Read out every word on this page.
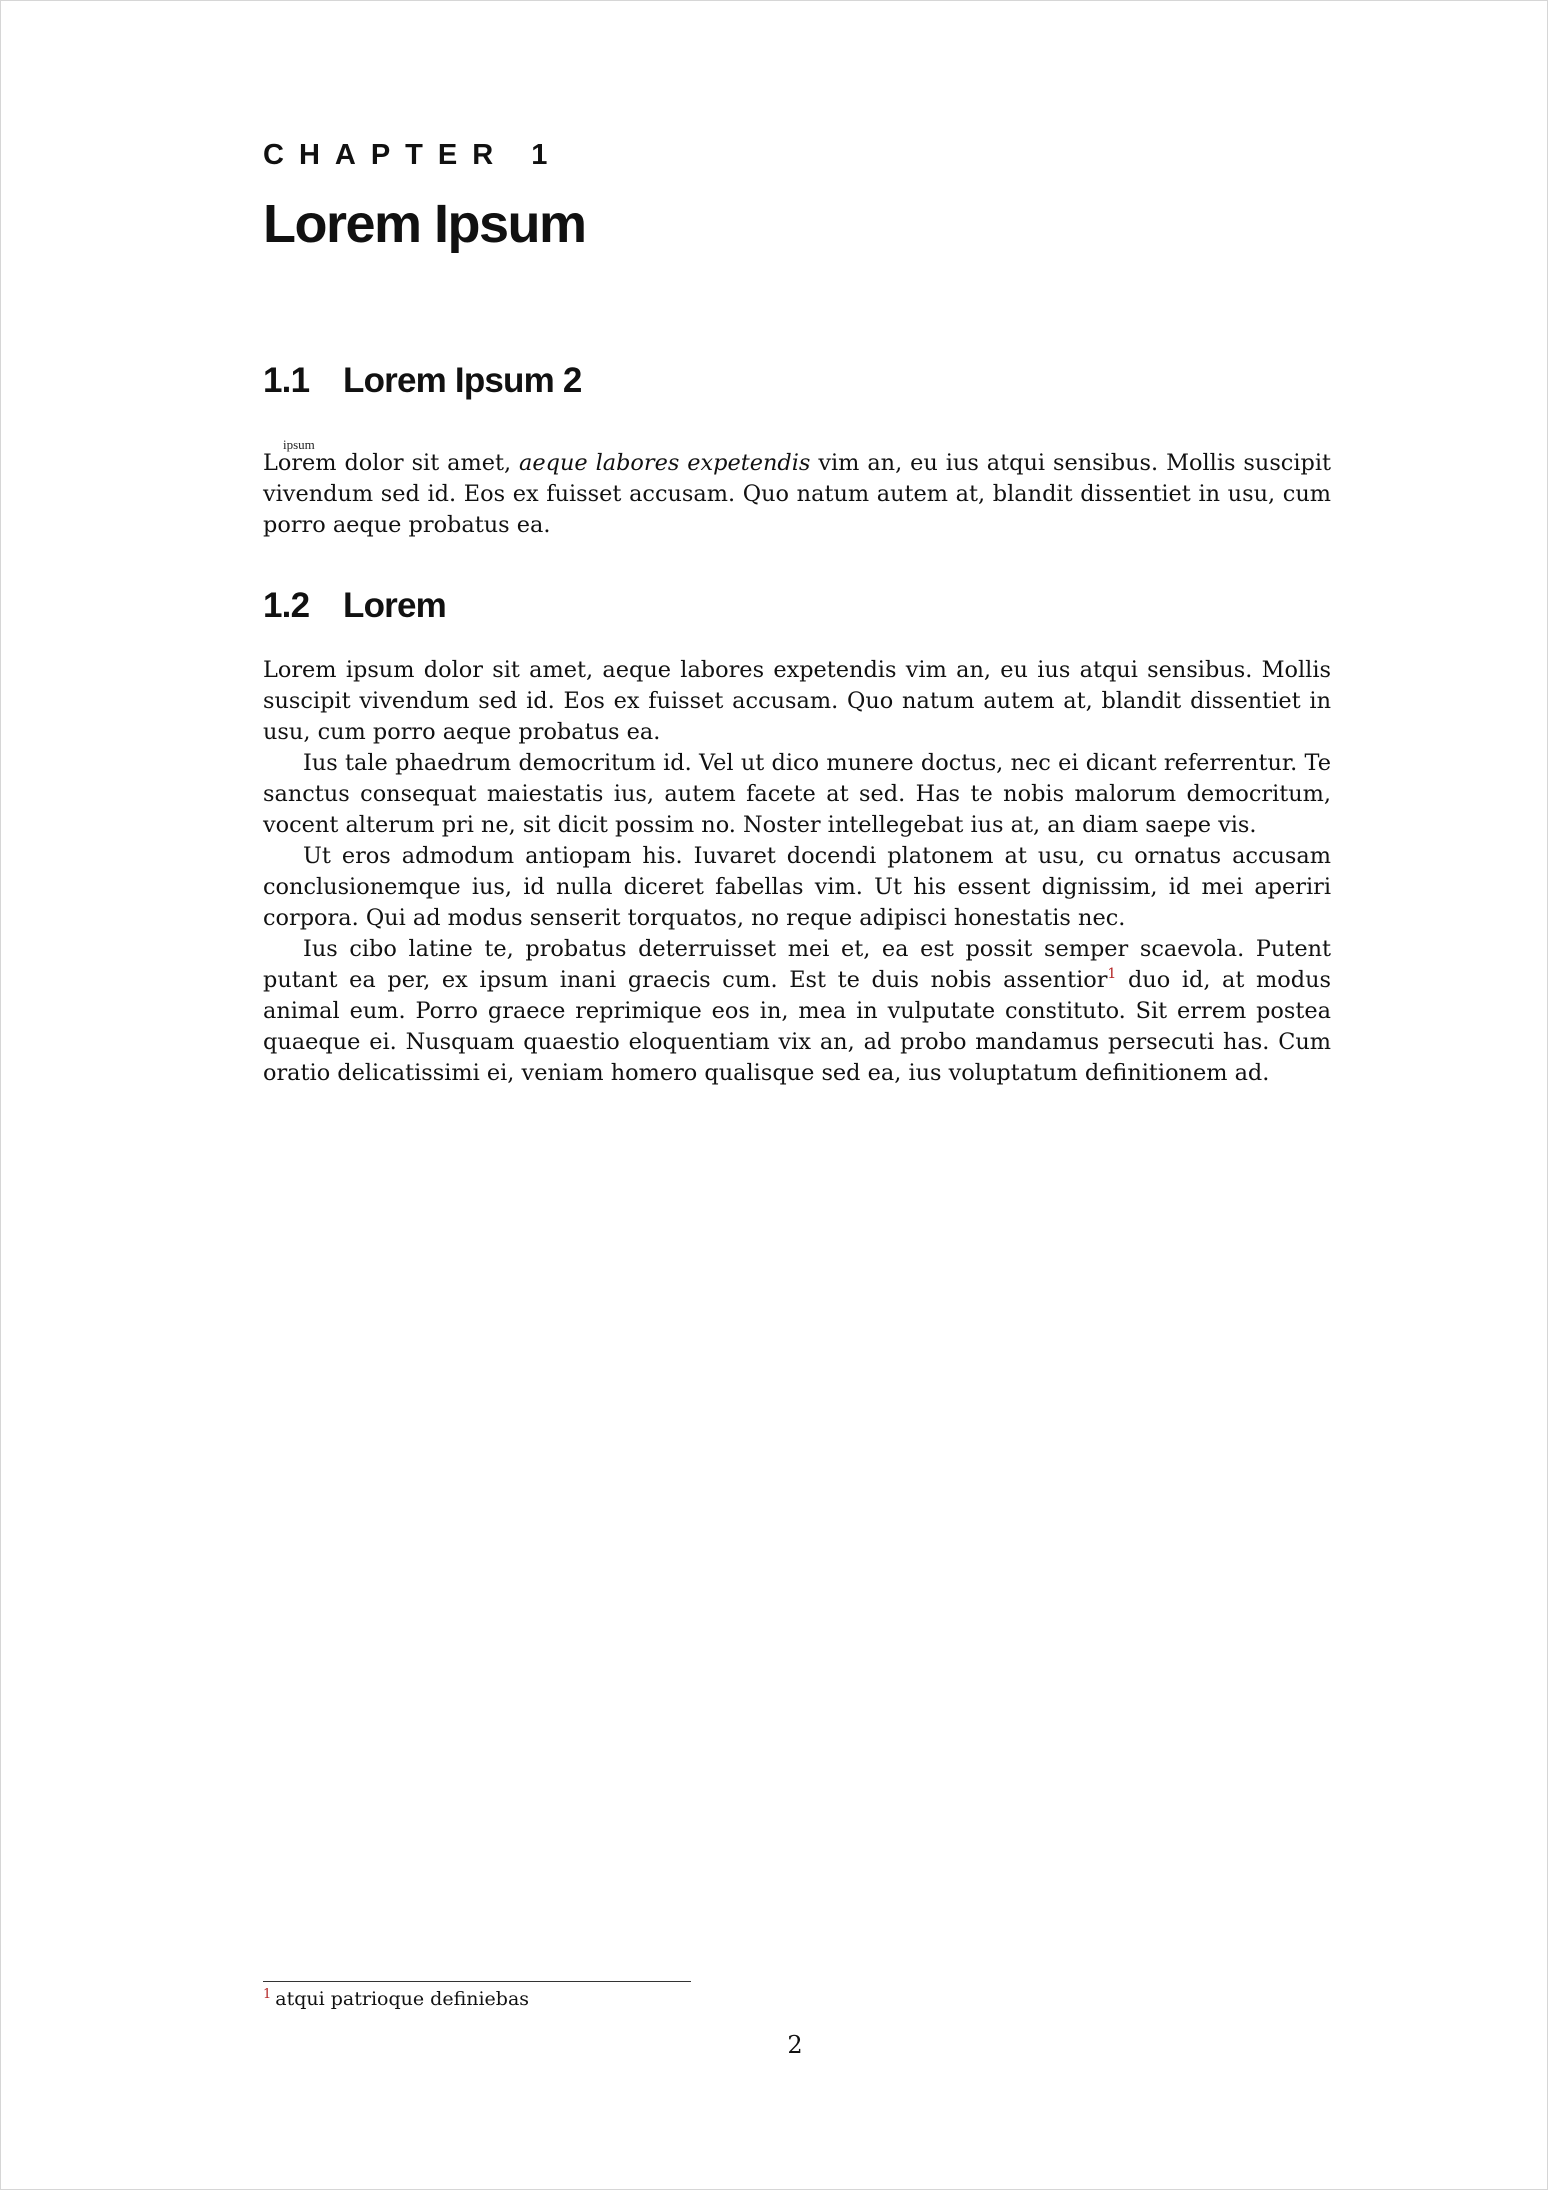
CHAPTER 1
Lorem Ipsum
1.1 Lorem Ipsum 2
ipsum

Lorem dolor sit amet, aeque labores expetendis vim an, eu ius atqui sensibus. Mollis suscipit vivendum sed id. Eos ex fuisset accusam. Quo natum autem at, blandit dissentiet in usu, cum porro aeque probatus ea.

1.2 Lorem

Lorem ipsum dolor sit amet, aeque labores expetendis vim an, eu ius atqui sensibus. Mollis suscipit vivendum sed id. Eos ex fuisset accusam. Quo natum autem at, blandit dissentiet in usu, cum porro aeque probatus ea.

Ius tale phaedrum democritum id. Vel ut dico munere doctus, nec ei dicant referrentur. Te sanctus consequat maiestatis ius, autem facete at sed. Has te nobis malorum democritum, vocent alterum pri ne, sit dicit possim no. Noster intellegebat ius at, an diam saepe vis.

Ut eros admodum antiopam his. Iuvaret docendi platonem at usu, cu ornatus accusam conclusionemque ius, id nulla diceret fabellas vim. Ut his essent dignissim, id mei aperiri corpora. Qui ad modus senserit torquatos, no reque adipisci honestatis nec.

Ius cibo latine te, probatus deterruisset mei et, ea est possit semper scaevola. Putent putant ea per, ex ipsum inani graecis cum. Est te duis nobis assentior$^1$ duo id, at modus animal eum. Porro graece reprimique eos in, mea in vulputate constituto. Sit errem postea quaeque ei. Nusquam quaestio eloquentiam vix an, ad probo mandamus persecuti has. Cum oratio delicatissimi ei, veniam homero qualisque sed ea, ius voluptatum definitionem ad.

$^1$ atqui patrioque definiebas
2
